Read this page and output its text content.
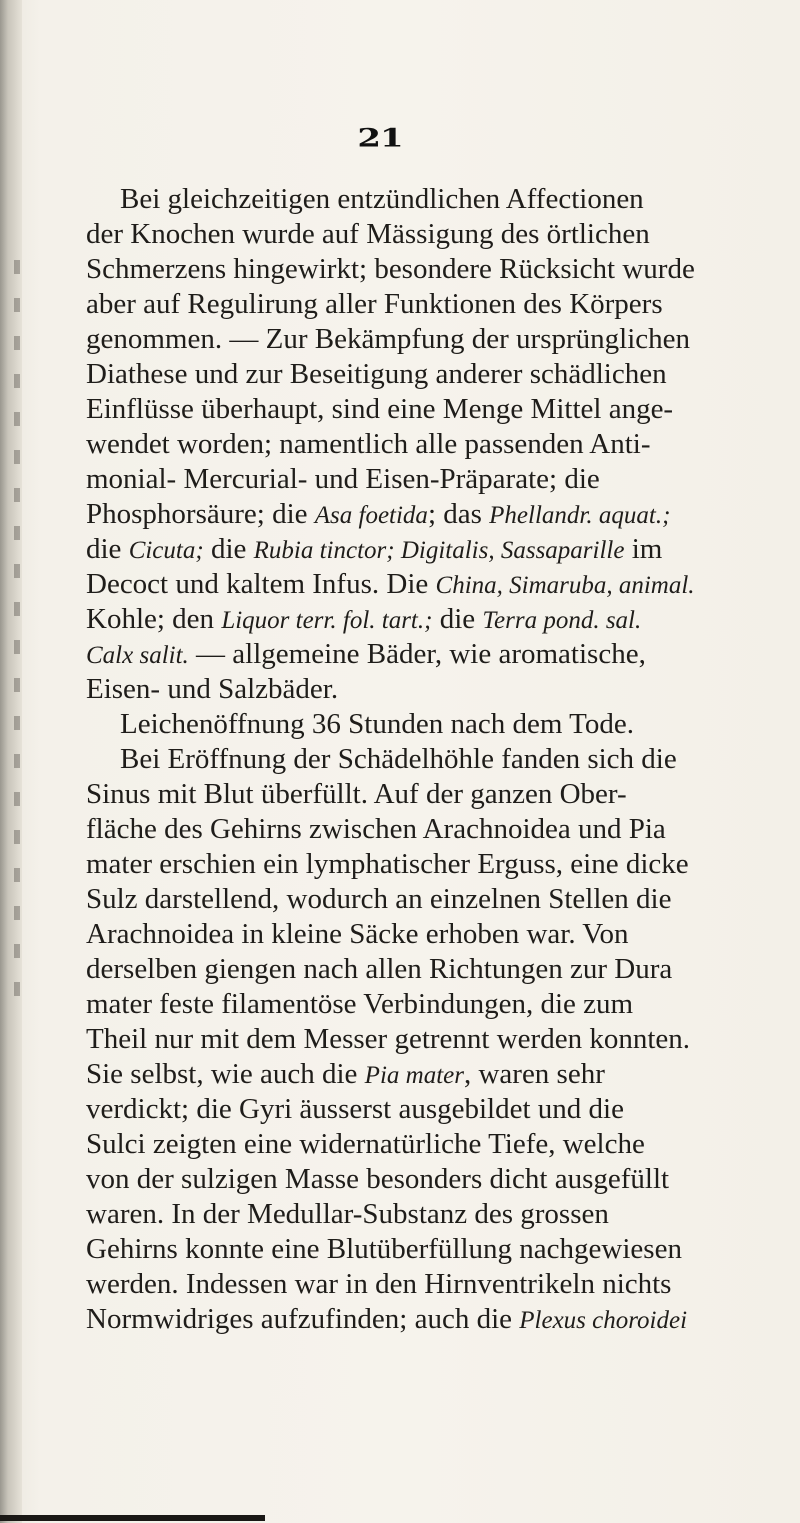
21
Bei gleichzeitigen entzündlichen Affectionen
der Knochen wurde auf Mässigung des örtlichen
Schmerzens hingewirkt; besondere Rücksicht wurde
aber auf Regulirung aller Funktionen des Körpers
genommen. — Zur Bekämpfung der ursprünglichen
Diathese und zur Beseitigung anderer schädlichen
Einflüsse überhaupt, sind eine Menge Mittel ange-
wendet worden; namentlich alle passenden Anti-
monial- Mercurial- und Eisen-Präparate; die
Phosphorsäure; die Asa foetida; das Phellandr. aquat.;
die Cicuta; die Rubia tinctor; Digitalis, Sassaparille im
Decoct und kaltem Infus. Die China, Simaruba, animal.
Kohle; den Liquor terr. fol. tart.; die Terra pond. sal.
Calx salit. — allgemeine Bäder, wie aromatische,
Eisen- und Salzbäder.
Leichenöffnung 36 Stunden nach dem Tode.
Bei Eröffnung der Schädelhöhle fanden sich die
Sinus mit Blut überfüllt. Auf der ganzen Ober-
fläche des Gehirns zwischen Arachnoidea und Pia
mater erschien ein lymphatischer Erguss, eine dicke
Sulz darstellend, wodurch an einzelnen Stellen die
Arachnoidea in kleine Säcke erhoben war. Von
derselben giengen nach allen Richtungen zur Dura
mater feste filamentöse Verbindungen, die zum
Theil nur mit dem Messer getrennt werden konnten.
Sie selbst, wie auch die Pia mater, waren sehr
verdickt; die Gyri äusserst ausgebildet und die
Sulci zeigten eine widernatürliche Tiefe, welche
von der sulzigen Masse besonders dicht ausgefüllt
waren. In der Medullar-Substanz des grossen
Gehirns konnte eine Blutüberfüllung nachgewiesen
werden. Indessen war in den Hirnventrikeln nichts
Normwidriges aufzufinden; auch die Plexus choroidei
